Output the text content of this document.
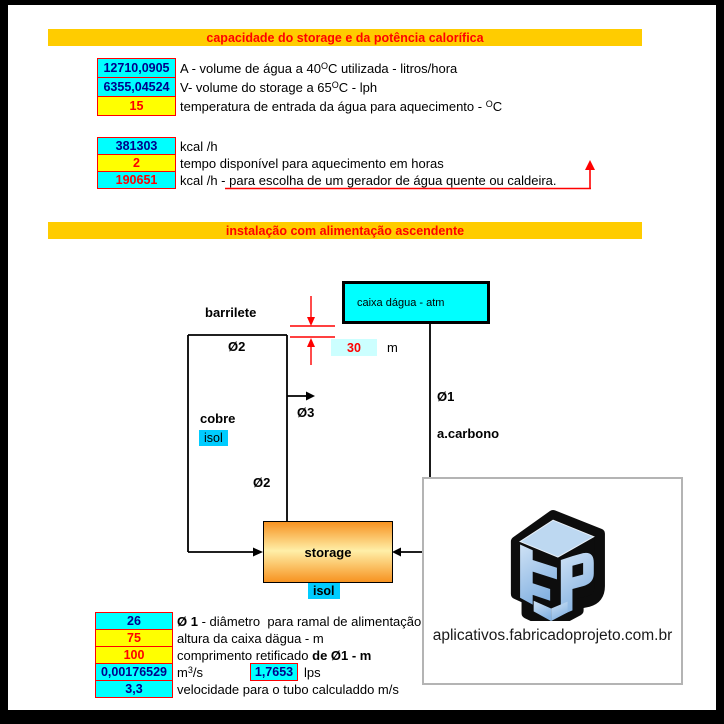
capacidade do storage e da potência calorífica
12710,0905 A - volume de água a 40 O C utilizada - litros/hora
6355,04524 V- volume do storage a 65 O C - lph
15	temperatura de entrada da água para aquecimento - O C
381303	kcal /h
2	tempo disponível para aquecimento em horas
190651	kcal /h - para escolha de um gerador de água quente ou caldeira.
instalação com alimentação ascendente
barrilete
caixa dágua - atm
Ø2	30	m
Ø3
Ø1
cobre
isol	a.carbono
Ø2
storage
isol
aplicativos.fabricadoprojeto.com.br
26	Ø 1 - diâmetro  para ramal de alimentação
75	altura da caixa dägua - m
100	comprimento retificado de Ø1 - m
0,00176529 m 3 /s	1,7653 lps
3,3	velocidade para o tubo calculaddo m/s
